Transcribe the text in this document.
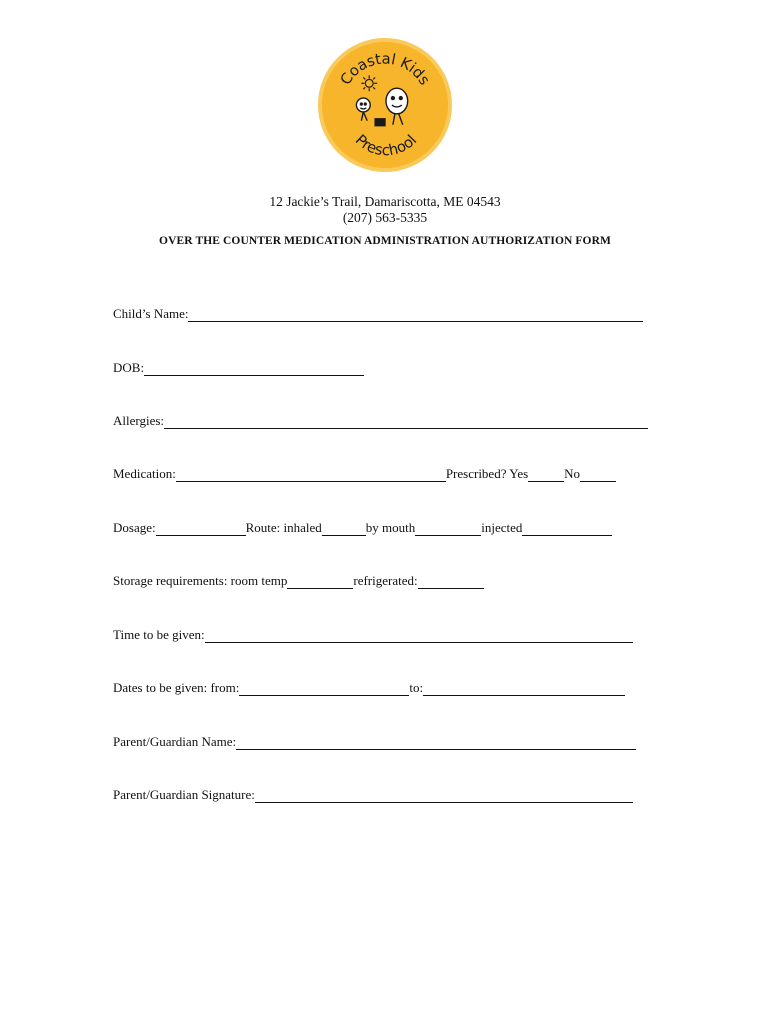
Coastal Kids
Preschool
12 Jackie’s Trail, Damariscotta, ME 04543
(207) 563-5335
OVER THE COUNTER MEDICATION ADMINISTRATION AUTHORIZATION FORM
Child’s Name:
DOB:
Allergies:
Medication:	Prescribed? Yes	No
Dosage:	Route: inhaled	by mouth	injected
Storage requirements: room temp	refrigerated:
Time to be given:
Dates to be given: from:	to:
Parent/Guardian Name:
Parent/Guardian Signature:
